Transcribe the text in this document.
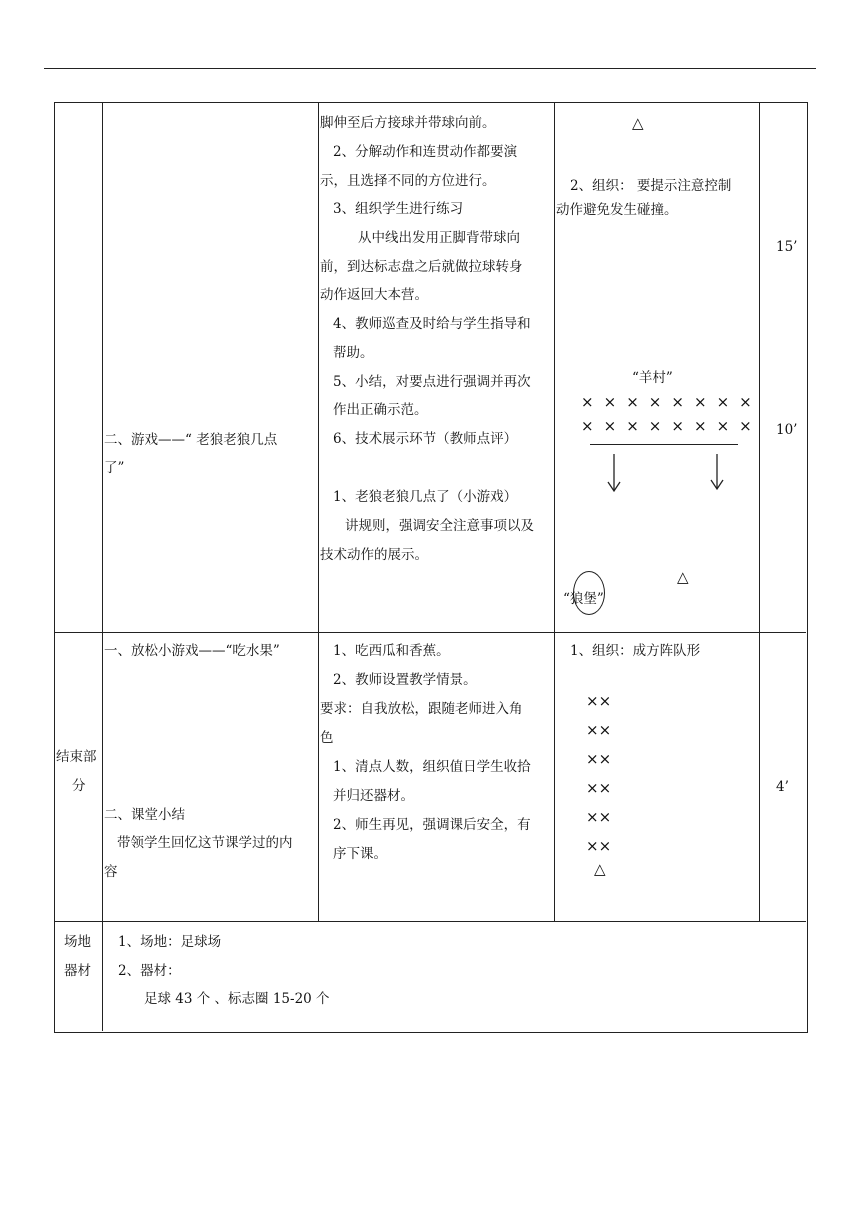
二、游戏——“ 老狼老狼几点
了”
脚伸至后方接球并带球向前。
2、分解动作和连贯动作都要演
示，且选择不同的方位进行。
3、组织学生进行练习
从中线出发用正脚背带球向
前，到达标志盘之后就做拉球转身
动作返回大本营。
4、教师巡查及时给与学生指导和
帮助。
5、小结，对要点进行强调并再次
作出正确示范。
6、技术展示环节（教师点评）
1、老狼老狼几点了（小游戏）
讲规则，强调安全注意事项以及
技术动作的展示。
△
2、组织： 要提示注意控制
动作避免发生碰撞。
“羊村”
× × × × × × × ×
× × × × × × × ×
△
“狼堡”
15’
10’
结束部
分
一、放松小游戏——“吃水果”
二、课堂小结
带领学生回忆这节课学过的内
容
1、吃西瓜和香蕉。
2、教师设置教学情景。
要求：自我放松，跟随老师进入角
色
1、清点人数，组织值日学生收拾
并归还器材。
2、师生再见，强调课后安全，有
序下课。
1、组织：成方阵队形
××
××
××
××
××
××
△
4’
场地
器材
1、场地：足球场
2、器材：
足球 43 个 、标志圈 15-20 个
